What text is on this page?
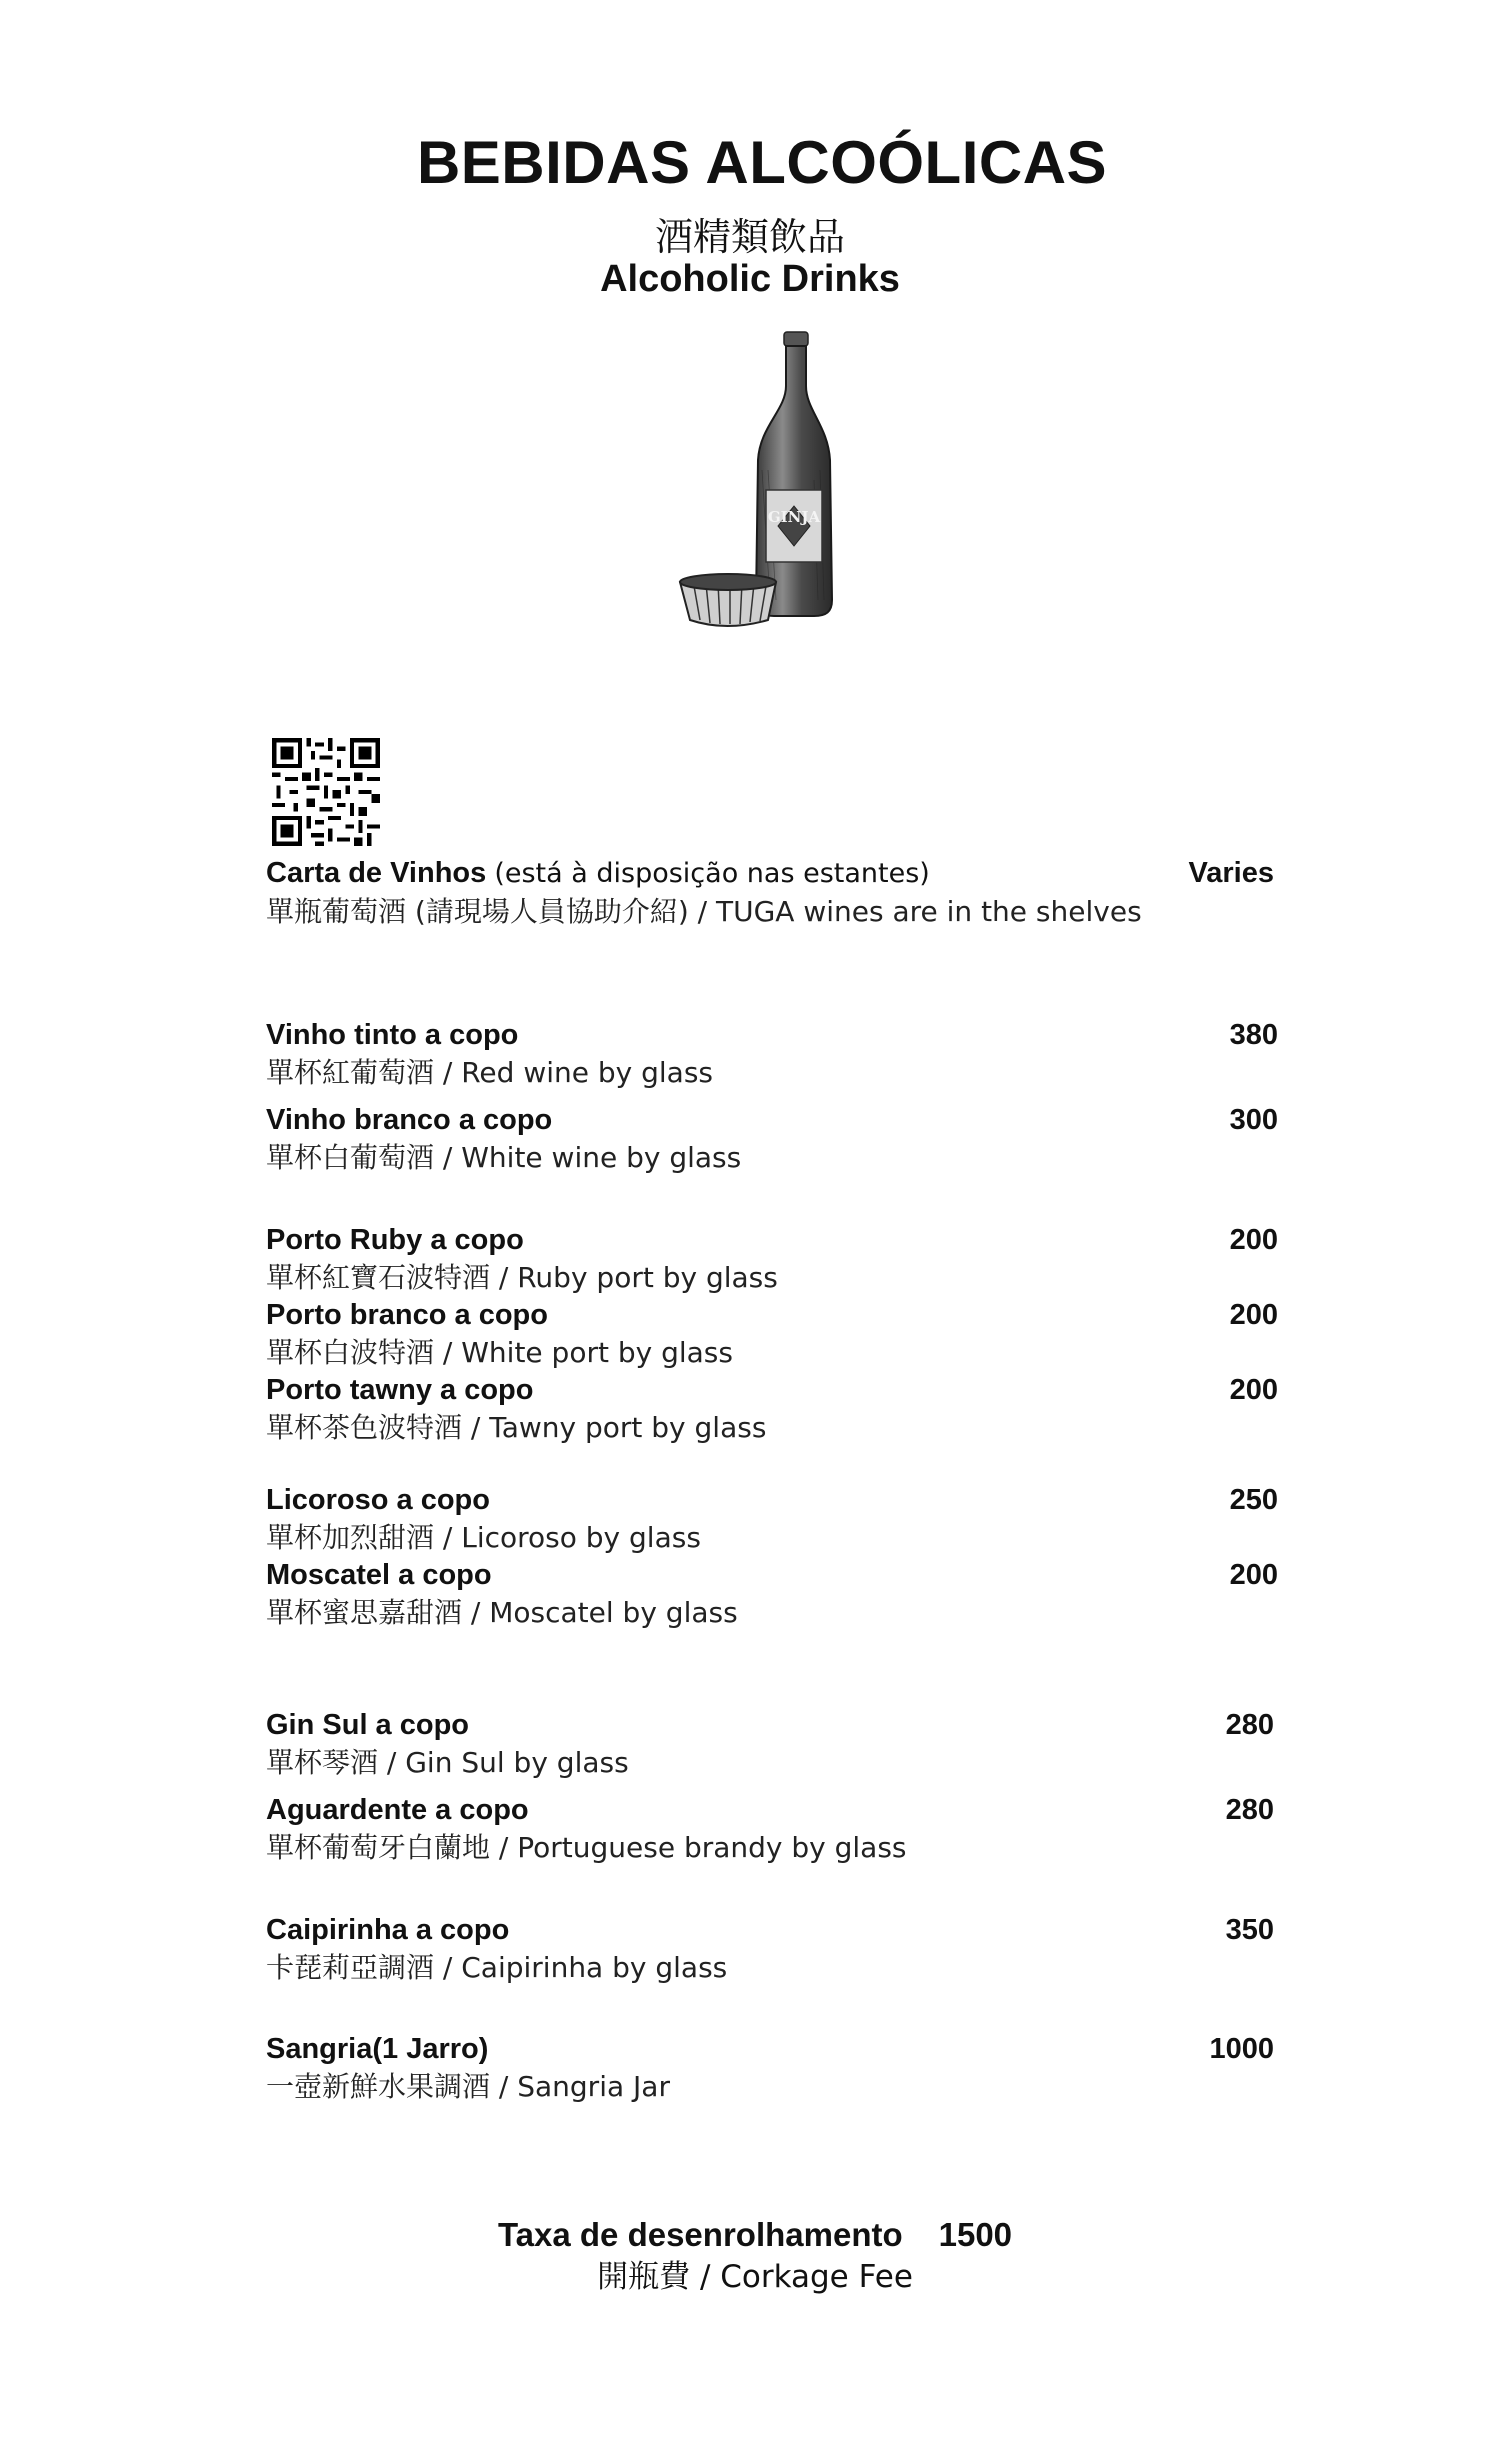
BEBIDAS ALCOÓLICAS
酒精類飲品
Alcoholic Drinks
GINJA
Carta de Vinhos (está à disposição nas estantes)
單瓶葡萄酒 (請現場人員協助介紹) / TUGA wines are in the shelves
Varies
Vinho tinto a copo
單杯紅葡萄酒 / Red wine by glass
380
Vinho branco a copo
單杯白葡萄酒 / White wine by glass
300
Porto Ruby a copo
單杯紅寶石波特酒 / Ruby port by glass
200
Porto branco a copo
單杯白波特酒 / White port by glass
200
Porto tawny a copo
單杯茶色波特酒 / Tawny port by glass
200
Licoroso a copo
單杯加烈甜酒 / Licoroso by glass
250
Moscatel a copo
單杯蜜思嘉甜酒 / Moscatel by glass
200
Gin Sul a copo
單杯琴酒 / Gin Sul by glass
280
Aguardente a copo
單杯葡萄牙白蘭地 / Portuguese brandy by glass
280
Caipirinha a copo
卡琵莉亞調酒 / Caipirinha by glass
350
Sangria(1 Jarro)
一壺新鮮水果調酒 / Sangria Jar
1000
Taxa de desenrolhamento 1500
開瓶費 / Corkage Fee
